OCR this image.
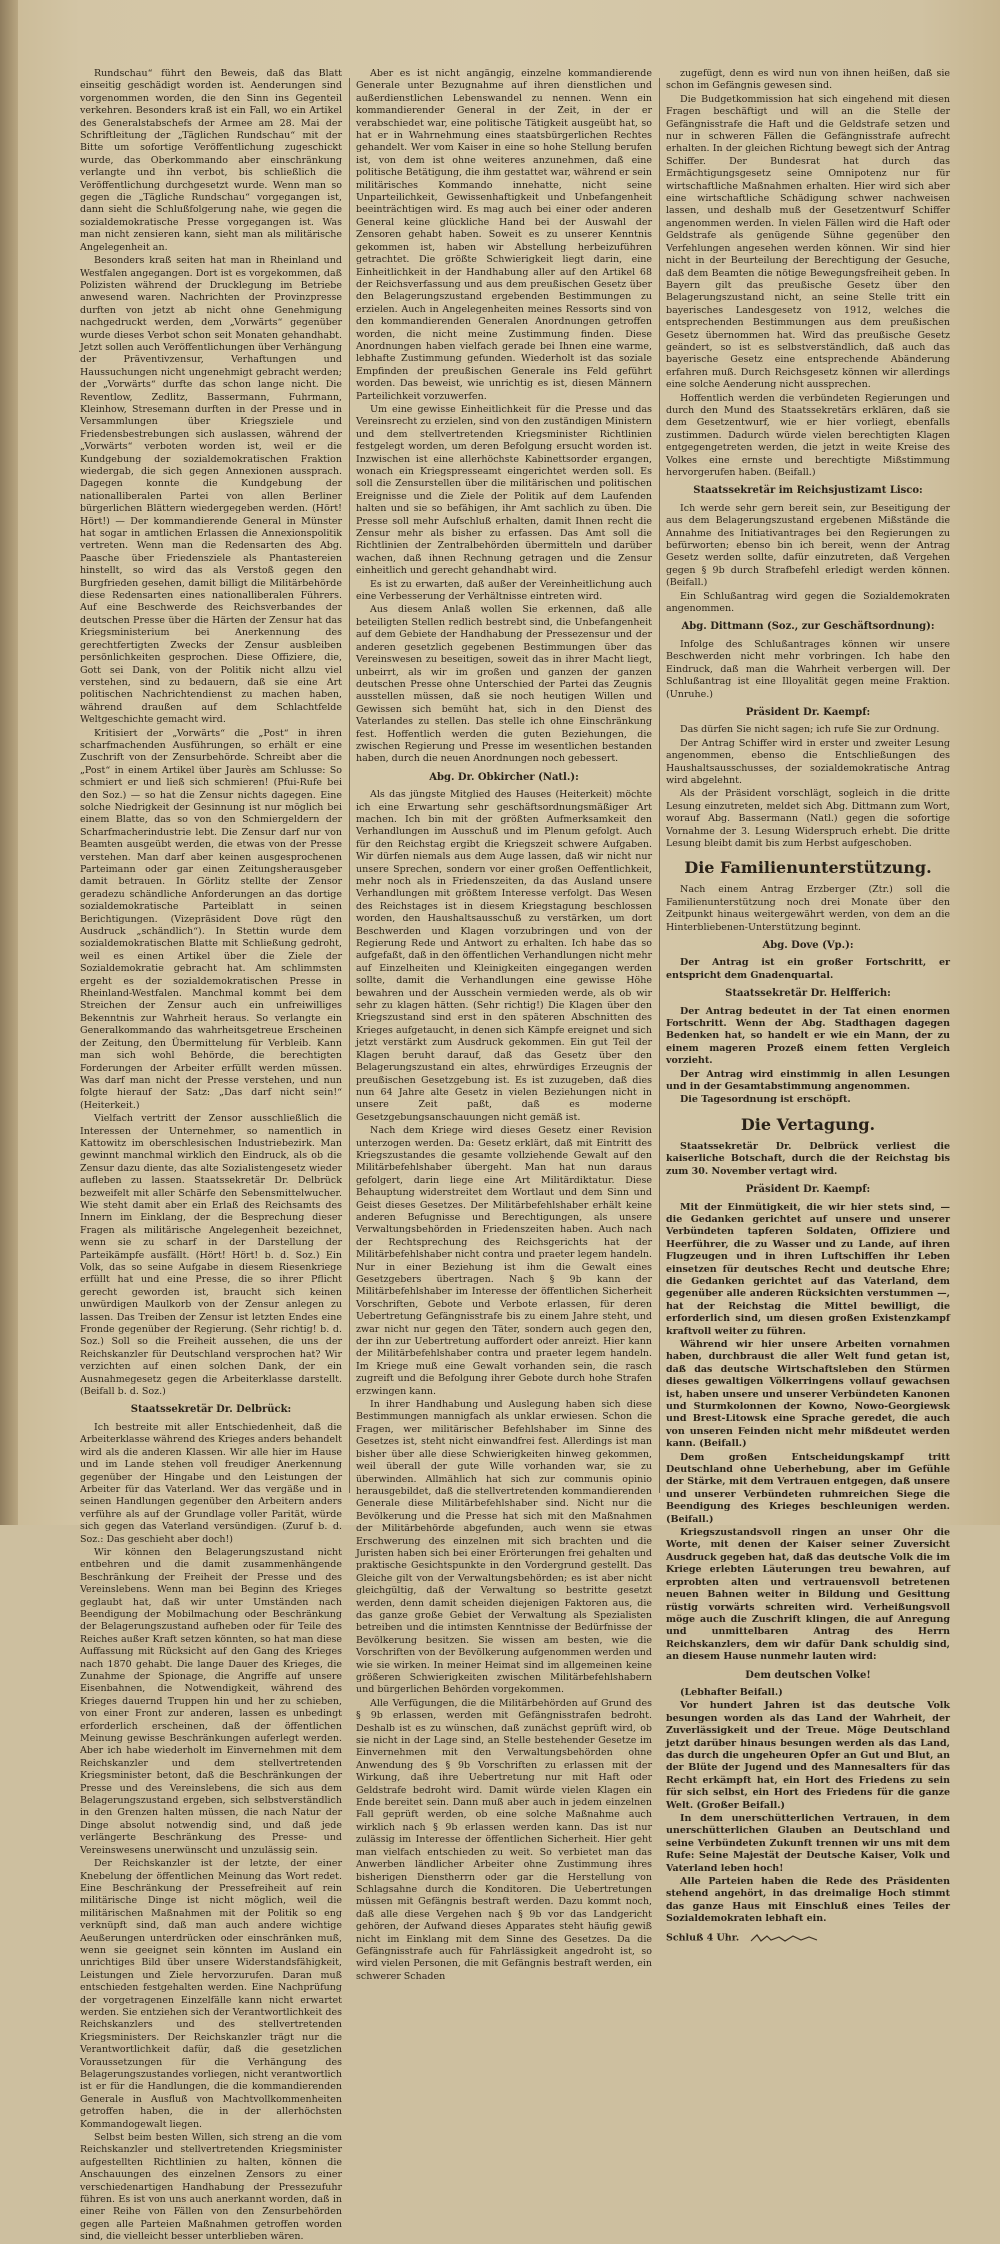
Rundschau“ führt den Beweis, daß das Blatt einseitig geschädigt worden ist. Aenderungen sind vorgenommen worden, die den Sinn ins Gegenteil verkehren. Besonders kraß ist ein Fall, wo ein Artikel des Generalstabschefs der Armee am 28. Mai der Schriftleitung der „Täglichen Rundschau“ mit der Bitte um sofortige Veröffentlichung zugeschickt wurde, das Oberkommando aber einschränkung verlangte und ihn verbot, bis schließlich die Veröffentlichung durchgesetzt wurde. Wenn man so gegen die „Tägliche Rundschau“ vorgegangen ist, dann sieht die Schlußfolgerung nahe, wie gegen die sozialdemokratische Presse vorgegangen ist. Was man nicht zensieren kann, sieht man als militärische Angelegenheit an.

Besonders kraß seiten hat man in Rheinland und Westfalen angegangen. Dort ist es vorgekommen, daß Polizisten während der Drucklegung im Betriebe anwesend waren. Nachrichten der Provinzpresse durften von jetzt ab nicht ohne Genehmigung nachgedruckt werden, dem „Vorwärts“ gegenüber wurde dieses Verbot schon seit Monaten gehandhabt. Jetzt sollen auch Veröffentlichungen über Verhängung der Präventivzensur, Verhaftungen und Haussuchungen nicht ungenehmigt gebracht werden; der „Vorwärts“ durfte das schon lange nicht. Die Reventlow, Zedlitz, Bassermann, Fuhrmann, Kleinhow, Stresemann durften in der Presse und in Versammlungen über Kriegsziele und Friedensbestrebungen sich auslassen, während der „Vorwärts“ verboten worden ist, weil er die Kundgebung der sozialdemokratischen Fraktion wiedergab, die sich gegen Annexionen aussprach. Dagegen konnte die Kundgebung der nationalliberalen Partei von allen Berliner bürgerlichen Blättern wiedergegeben werden. (Hört! Hört!) — Der kommandierende General in Münster hat sogar in amtlichen Erlassen die Annexionspolitik vertreten. Wenn man die Redensarten des Abg. Paasche über Friedensziele als Phantastereien hinstellt, so wird das als Verstoß gegen den Burgfrieden gesehen, damit billigt die Militärbehörde diese Redensarten eines nationalliberalen Führers. Auf eine Beschwerde des Reichsverbandes der deutschen Presse über die Härten der Zensur hat das Kriegsministerium bei Anerkennung des gerechtfertigten Zwecks der Zensur ausbleiben persönlichkeiten gesprochen. Diese Offiziere, die, Gott sei Dank, von der Politik nicht allzu viel verstehen, sind zu bedauern, daß sie eine Art politischen Nachrichtendienst zu machen haben, während draußen auf dem Schlachtfelde Weltgeschichte gemacht wird.

Kritisiert der „Vorwärts“ die „Post“ in ihren scharfmachenden Ausführungen, so erhält er eine Zuschrift von der Zensurbehörde. Schreibt aber die „Post“ in einem Artikel über Jaurès am Schlusse: So schmiert er und ließ sich schmieren! (Pfui-Rufe bei den Soz.) — so hat die Zensur nichts dagegen. Eine solche Niedrigkeit der Gesinnung ist nur möglich bei einem Blatte, das so von den Schmiergeldern der Scharfmacherindustrie lebt. Die Zensur darf nur von Beamten ausgeübt werden, die etwas von der Presse verstehen. Man darf aber keinen ausgesprochenen Parteimann oder gar einen Zeitungsherausgeber damit betrauen. In Görlitz stellte der Zensor geradezu schändliche Anforderungen an das dortige sozialdemokratische Parteiblatt in seinen Berichtigungen. (Vizepräsident Dove rügt den Ausdruck „schändlich“). In Stettin wurde dem sozialdemokratischen Blatte mit Schließung gedroht, weil es einen Artikel über die Ziele der Sozialdemokratie gebracht hat. Am schlimmsten ergeht es der sozialdemokratischen Presse in Rheinland-Westfalen. Manchmal kommt bei dem Streichen der Zensur auch ein unfreiwilliges Bekenntnis zur Wahrheit heraus. So verlangte ein Generalkommando das wahrheitsgetreue Erscheinen der Zeitung, den Übermittelung für Verbleib. Kann man sich wohl Behörde, die berechtigten Forderungen der Arbeiter erfüllt werden müssen. Was darf man nicht der Presse verstehen, und nun folgte hierauf der Satz: „Das darf nicht sein!“ (Heiterkeit.)

Vielfach vertritt der Zensor ausschließlich die Interessen der Unternehmer, so namentlich in Kattowitz im oberschlesischen Industriebezirk. Man gewinnt manchmal wirklich den Eindruck, als ob die Zensur dazu diente, das alte Sozialistengesetz wieder aufleben zu lassen. Staatssekretär Dr. Delbrück bezweifelt mit aller Schärfe den Sebensmittelwucher. Wie steht damit aber ein Erlaß des Reichsamts des Innern im Einklang, der die Besprechung dieser Fragen als militärische Angelegenheit bezeichnet, wenn sie zu scharf in der Darstellung der Parteikämpfe ausfällt. (Hört! Hört! b. d. Soz.) Ein Volk, das so seine Aufgabe in diesem Riesenkriege erfüllt hat und eine Presse, die so ihrer Pflicht gerecht geworden ist, braucht sich keinen unwürdigen Maulkorb von der Zensur anlegen zu lassen. Das Treiben der Zensur ist letzten Endes eine Fronde gegenüber der Regierung. (Sehr richtig! b. d. Soz.) Soll so die Freiheit aussehen, die uns der Reichskanzler für Deutschland versprochen hat? Wir verzichten auf einen solchen Dank, der ein Ausnahmegesetz gegen die Arbeiterklasse darstellt. (Beifall b. d. Soz.)

Staatssekretär Dr. Delbrück:

Ich bestreite mit aller Entschiedenheit, daß die Arbeiterklasse während des Krieges anders behandelt wird als die anderen Klassen. Wir alle hier im Hause und im Lande stehen voll freudiger Anerkennung gegenüber der Hingabe und den Leistungen der Arbeiter für das Vaterland. Wer das vergäße und in seinen Handlungen gegenüber den Arbeitern anders verführe als auf der Grundlage voller Parität, würde sich gegen das Vaterland versündigen. (Zuruf b. d. Soz.: Das geschieht aber doch!)

Wir können den Belagerungszustand nicht entbehren und die damit zusammenhängende Beschränkung der Freiheit der Presse und des Vereinslebens. Wenn man bei Beginn des Krieges geglaubt hat, daß wir unter Umständen nach Beendigung der Mobilmachung oder Beschränkung der Belagerungszustand aufheben oder für Teile des Reiches außer Kraft setzen könnten, so hat man diese Auffassung mit Rücksicht auf den Gang des Krieges nach 1870 gehabt. Die lange Dauer des Krieges, die Zunahme der Spionage, die Angriffe auf unsere Eisenbahnen, die Notwendigkeit, während des Krieges dauernd Truppen hin und her zu schieben, von einer Front zur anderen, lassen es unbedingt erforderlich erscheinen, daß der öffentlichen Meinung gewisse Beschränkungen auferlegt werden. Aber ich habe wiederholt im Einvernehmen mit dem Reichskanzler und dem stellvertretenden Kriegsminister betont, daß die Beschränkungen der Presse und des Vereinslebens, die sich aus dem Belagerungszustand ergeben, sich selbstverständlich in den Grenzen halten müssen, die nach Natur der Dinge absolut notwendig sind, und daß jede verlängerte Beschränkung des Presse- und Vereinswesens unerwünscht und unzulässig sein.

Der Reichskanzler ist der letzte, der einer Knebelung der öffentlichen Meinung das Wort redet. Eine Beschränkung der Pressefreiheit auf rein militärische Dinge ist nicht möglich, weil die militärischen Maßnahmen mit der Politik so eng verknüpft sind, daß man auch andere wichtige Aeußerungen unterdrücken oder einschränken muß, wenn sie geeignet sein könnten im Ausland ein unrichtiges Bild über unsere Widerstandsfähigkeit, Leistungen und Ziele hervorzurufen. Daran muß entschieden festgehalten werden. Eine Nachprüfung der vorgetragenen Einzelfälle kann nicht erwartet werden. Sie entziehen sich der Verantwortlichkeit des Reichskanzlers und des stellvertretenden Kriegsministers. Der Reichskanzler trägt nur die Verantwortlichkeit dafür, daß die gesetzlichen Voraussetzungen für die Verhängung des Belagerungszustandes vorliegen, nicht verantwortlich ist er für die Handlungen, die die kommandierenden Generale in Ausfluß von Machtvollkommenheiten getroffen haben, die in der allerhöchsten Kommandogewalt liegen.

Selbst beim besten Willen, sich streng an die vom Reichskanzler und stellvertretenden Kriegsminister aufgestellten Richtlinien zu halten, können die Anschauungen des einzelnen Zensors zu einer verschiedenartigen Handhabung der Pressezufuhr führen. Es ist von uns auch anerkannt worden, daß in einer Reihe von Fällen von den Zensurbehörden gegen alle Parteien Maßnahmen getroffen worden sind, die vielleicht besser unterblieben wären.

Aber es ist nicht angängig, einzelne kommandierende Generale unter Bezugnahme auf ihren dienstlichen und außerdienstlichen Lebenswandel zu nennen. Wenn ein kommandierender General in der Zeit, in der er verabschiedet war, eine politische Tätigkeit ausgeübt hat, so hat er in Wahrnehmung eines staatsbürgerlichen Rechtes gehandelt. Wer vom Kaiser in eine so hohe Stellung berufen ist, von dem ist ohne weiteres anzunehmen, daß eine politische Betätigung, die ihm gestattet war, während er sein militärisches Kommando innehatte, nicht seine Unparteilichkeit, Gewissenhaftigkeit und Unbefangenheit beeinträchtigen wird. Es mag auch bei einer oder anderen General keine glückliche Hand bei der Auswahl der Zensoren gehabt haben. Soweit es zu unserer Kenntnis gekommen ist, haben wir Abstellung herbeizuführen getrachtet. Die größte Schwierigkeit liegt darin, eine Einheitlichkeit in der Handhabung aller auf den Artikel 68 der Reichsverfassung und aus dem preußischen Gesetz über den Belagerungszustand ergebenden Bestimmungen zu erzielen. Auch in Angelegenheiten meines Ressorts sind von den kommandierenden Generalen Anordnungen getroffen worden, die nicht meine Zustimmung finden. Diese Anordnungen haben vielfach gerade bei Ihnen eine warme, lebhafte Zustimmung gefunden. Wiederholt ist das soziale Empfinden der preußischen Generale ins Feld geführt worden. Das beweist, wie unrichtig es ist, diesen Männern Parteilichkeit vorzuwerfen.

Um eine gewisse Einheitlichkeit für die Presse und das Vereinsrecht zu erzielen, sind von den zuständigen Ministern und dem stellvertretenden Kriegsminister Richtlinien festgelegt worden, um deren Befolgung ersucht worden ist. Inzwischen ist eine allerhöchste Kabinettsorder ergangen, wonach ein Kriegspresseamt eingerichtet werden soll. Es soll die Zensurstellen über die militärischen und politischen Ereignisse und die Ziele der Politik auf dem Laufenden halten und sie so befähigen, ihr Amt sachlich zu üben. Die Presse soll mehr Aufschluß erhalten, damit Ihnen recht die Zensur mehr als bisher zu erfassen. Das Amt soll die Richtlinien der Zentralbehörden übermitteln und darüber wachen, daß ihnen Rechnung getragen und die Zensur einheitlich und gerecht gehandhabt wird.

Es ist zu erwarten, daß außer der Vereinheitlichung auch eine Verbesserung der Verhältnisse eintreten wird.

Aus diesem Anlaß wollen Sie erkennen, daß alle beteiligten Stellen redlich bestrebt sind, die Unbefangenheit auf dem Gebiete der Handhabung der Pressezensur und der anderen gesetzlich gegebenen Bestimmungen über das Vereinswesen zu beseitigen, soweit das in ihrer Macht liegt, unbeirrt, als wir im großen und ganzen der ganzen deutschen Presse ohne Unterschied der Partei das Zeugnis ausstellen müssen, daß sie noch heutigen Willen und Gewissen sich bemüht hat, sich in den Dienst des Vaterlandes zu stellen. Das stelle ich ohne Einschränkung fest. Hoffentlich werden die guten Beziehungen, die zwischen Regierung und Presse im wesentlichen bestanden haben, durch die neuen Anordnungen noch gebessert.

Abg. Dr. Obkircher (Natl.):

Als das jüngste Mitglied des Hauses (Heiterkeit) möchte ich eine Erwartung sehr geschäftsordnungsmäßiger Art machen. Ich bin mit der größten Aufmerksamkeit den Verhandlungen im Ausschuß und im Plenum gefolgt. Auch für den Reichstag ergibt die Kriegszeit schwere Aufgaben. Wir dürfen niemals aus dem Auge lassen, daß wir nicht nur unsere Sprechen, sondern vor einer großen Oeffentlichkeit, mehr noch als in Friedenszeiten, da das Ausland unsere Verhandlungen mit größtem Interesse verfolgt. Das Wesen des Reichstages ist in diesem Kriegstagung beschlossen worden, den Haushaltsausschuß zu verstärken, um dort Beschwerden und Klagen vorzubringen und von der Regierung Rede und Antwort zu erhalten. Ich habe das so aufgefaßt, daß in den öffentlichen Verhandlungen nicht mehr auf Einzelheiten und Kleinigkeiten eingegangen werden sollte, damit die Verhandlungen eine gewisse Höhe bewahren und der Ausschein vermieden werde, als ob wir sehr zu klagen hätten. (Sehr richtig!) Die Klagen über den Kriegszustand sind erst in den späteren Abschnitten des Krieges aufgetaucht, in denen sich Kämpfe ereignet und sich jetzt verstärkt zum Ausdruck gekommen. Ein gut Teil der Klagen beruht darauf, daß das Gesetz über den Belagerungszustand ein altes, ehrwürdiges Erzeugnis der preußischen Gesetzgebung ist. Es ist zuzugeben, daß dies nun 64 Jahre alte Gesetz in vielen Beziehungen nicht in unsere Zeit paßt, daß es moderne Gesetzgebungsanschauungen nicht gemäß ist.

Nach dem Kriege wird dieses Gesetz einer Revision unterzogen werden. Da: Gesetz erklärt, daß mit Eintritt des Kriegszustandes die gesamte vollziehende Gewalt auf den Militärbefehlshaber übergeht. Man hat nun daraus gefolgert, darin liege eine Art Militärdiktatur. Diese Behauptung widerstreitet dem Wortlaut und dem Sinn und Geist dieses Gesetzes. Der Militärbefehlshaber erhält keine anderen Befugnisse und Berechtigungen, als unsere Verwaltungsbehörden in Friedenszeiten haben. Auch nach der Rechtsprechung des Reichsgerichts hat der Militärbefehlshaber nicht contra und praeter legem handeln. Nur in einer Beziehung ist ihm die Gewalt eines Gesetzgebers übertragen. Nach § 9b kann der Militärbefehlshaber im Interesse der öffentlichen Sicherheit Vorschriften, Gebote und Verbote erlassen, für deren Uebertretung Gefängnisstrafe bis zu einem Jahre steht, und zwar nicht nur gegen den Täter, sondern auch gegen den, der ihn zur Uebertretung auffordert oder anreizt. Hier kann der Militärbefehlshaber contra und praeter legem handeln. Im Kriege muß eine Gewalt vorhanden sein, die rasch zugreift und die Befolgung ihrer Gebote durch hohe Strafen erzwingen kann.

In ihrer Handhabung und Auslegung haben sich diese Bestimmungen mannigfach als unklar erwiesen. Schon die Fragen, wer militärischer Befehlshaber im Sinne des Gesetzes ist, steht nicht einwandfrei fest. Allerdings ist man bisher über alle diese Schwierigkeiten hinweg gekommen, weil überall der gute Wille vorhanden war, sie zu überwinden. Allmählich hat sich zur communis opinio herausgebildet, daß die stellvertretenden kommandierenden Generale diese Militärbefehlshaber sind. Nicht nur die Bevölkerung und die Presse hat sich mit den Maßnahmen der Militärbehörde abgefunden, auch wenn sie etwas Erschwerung des einzelnen mit sich brachten und die Juristen haben sich bei einer Erörterungen frei gehalten und praktische Gesichtspunkte in den Vordergrund gestellt. Das Gleiche gilt von der Verwaltungsbehörden; es ist aber nicht gleichgültig, daß der Verwaltung so bestritte gesetzt werden, denn damit scheiden diejenigen Faktoren aus, die das ganze große Gebiet der Verwaltung als Spezialisten betreiben und die intimsten Kenntnisse der Bedürfnisse der Bevölkerung besitzen. Sie wissen am besten, wie die Vorschriften von der Bevölkerung aufgenommen werden und wie sie wirken. In meiner Heimat sind im allgemeinen keine größeren Schwierigkeiten zwischen Militärbefehlshabern und bürgerlichen Behörden vorgekommen.

Alle Verfügungen, die die Militärbehörden auf Grund des § 9b erlassen, werden mit Gefängnisstrafen bedroht. Deshalb ist es zu wünschen, daß zunächst geprüft wird, ob sie nicht in der Lage sind, an Stelle bestehender Gesetze im Einvernehmen mit den Verwaltungsbehörden ohne Anwendung des § 9b Vorschriften zu erlassen mit der Wirkung, daß ihre Uebertretung nur mit Haft oder Geldstrafe bedroht wird. Damit würde vielen Klagen ein Ende bereitet sein. Dann muß aber auch in jedem einzelnen Fall geprüft werden, ob eine solche Maßnahme auch wirklich nach § 9b erlassen werden kann. Das ist nur zulässig im Interesse der öffentlichen Sicherheit. Hier geht man vielfach entschieden zu weit. So verbietet man das Anwerben ländlicher Arbeiter ohne Zustimmung ihres bisherigen Dienstherrn oder gar die Herstellung von Schlagsahne durch die Konditoren. Die Uebertretungen müssen mit Gefängnis bestraft werden. Dazu kommt noch, daß alle diese Vergehen nach § 9b vor das Landgericht gehören, der Aufwand dieses Apparates steht häufig gewiß nicht im Einklang mit dem Sinne des Gesetzes. Da die Gefängnisstrafe auch für Fahrlässigkeit angedroht ist, so wird vielen Personen, die mit Gefängnis bestraft werden, ein schwerer Schaden

zugefügt, denn es wird nun von ihnen heißen, daß sie schon im Gefängnis gewesen sind.

Die Budgetkommission hat sich eingehend mit diesen Fragen beschäftigt und will an die Stelle der Gefängnisstrafe die Haft und die Geldstrafe setzen und nur in schweren Fällen die Gefängnisstrafe aufrecht erhalten. In der gleichen Richtung bewegt sich der Antrag Schiffer. Der Bundesrat hat durch das Ermächtigungsgesetz seine Omnipotenz nur für wirtschaftliche Maßnahmen erhalten. Hier wird sich aber eine wirtschaftliche Schädigung schwer nachweisen lassen, und deshalb muß der Gesetzentwurf Schiffer angenommen werden. In vielen Fällen wird die Haft oder Geldstrafe als genügende Sühne gegenüber den Verfehlungen angesehen werden können. Wir sind hier nicht in der Beurteilung der Berechtigung der Gesuche, daß dem Beamten die nötige Bewegungsfreiheit geben. In Bayern gilt das preußische Gesetz über den Belagerungszustand nicht, an seine Stelle tritt ein bayerisches Landesgesetz von 1912, welches die entsprechenden Bestimmungen aus dem preußischen Gesetz übernommen hat. Wird das preußische Gesetz geändert, so ist es selbstverständlich, daß auch das bayerische Gesetz eine entsprechende Abänderung erfahren muß. Durch Reichsgesetz können wir allerdings eine solche Aenderung nicht aussprechen.

Hoffentlich werden die verbündeten Regierungen und durch den Mund des Staatssekretärs erklären, daß sie dem Gesetzentwurf, wie er hier vorliegt, ebenfalls zustimmen. Dadurch würde vielen berechtigten Klagen entgegengetreten werden, die jetzt in weite Kreise des Volkes eine ernste und berechtigte Mißstimmung hervorgerufen haben. (Beifall.)

Staatssekretär im Reichsjustizamt Lisco:

Ich werde sehr gern bereit sein, zur Beseitigung der aus dem Belagerungszustand ergebenen Mißstände die Annahme des Initiativantrages bei den Regierungen zu befürworten; ebenso bin ich bereit, wenn der Antrag Gesetz werden sollte, dafür einzutreten, daß Vergehen gegen § 9b durch Strafbefehl erledigt werden können. (Beifall.)

Ein Schlußantrag wird gegen die Sozialdemokraten angenommen.

Abg. Dittmann (Soz., zur Geschäftsordnung):

Infolge des Schlußantrages können wir unsere Beschwerden nicht mehr vorbringen. Ich habe den Eindruck, daß man die Wahrheit verbergen will. Der Schlußantrag ist eine Illoyalität gegen meine Fraktion. (Unruhe.)

Präsident Dr. Kaempf:

Das dürfen Sie nicht sagen; ich rufe Sie zur Ordnung.

Der Antrag Schiffer wird in erster und zweiter Lesung angenommen, ebenso die Entschließungen des Haushaltsausschusses, der sozialdemokratische Antrag wird abgelehnt.

Als der Präsident vorschlägt, sogleich in die dritte Lesung einzutreten, meldet sich Abg. Dittmann zum Wort, worauf Abg. Bassermann (Natl.) gegen die sofortige Vornahme der 3. Lesung Widerspruch erhebt. Die dritte Lesung bleibt damit bis zum Herbst aufgeschoben.

Die Familienunterstützung.

Nach einem Antrag Erzberger (Ztr.) soll die Familienunterstützung noch drei Monate über den Zeitpunkt hinaus weitergewährt werden, von dem an die Hinterbliebenen-Unterstützung beginnt.

Abg. Dove (Vp.):

Der Antrag ist ein großer Fortschritt, er entspricht dem Gnadenquartal.

Staatssekretär Dr. Helfferich:

Der Antrag bedeutet in der Tat einen enormen Fortschritt. Wenn der Abg. Stadthagen dagegen Bedenken hat, so handelt er wie ein Mann, der zu einem mageren Prozeß einem fetten Vergleich vorzieht.

Der Antrag wird einstimmig in allen Lesungen und in der Gesamtabstimmung angenommen.

Die Tagesordnung ist erschöpft.

Die Vertagung.

Staatssekretär Dr. Delbrück verliest die kaiserliche Botschaft, durch die der Reichstag bis zum 30. November vertagt wird.

Präsident Dr. Kaempf:

Mit der Einmütigkeit, die wir hier stets sind, — die Gedanken gerichtet auf unsere und unserer Verbündeten tapferen Soldaten, Offiziere und Heerführer, die zu Wasser und zu Lande, auf ihren Flugzeugen und in ihren Luftschiffen ihr Leben einsetzen für deutsches Recht und deutsche Ehre; die Gedanken gerichtet auf das Vaterland, dem gegenüber alle anderen Rücksichten verstummen —, hat der Reichstag die Mittel bewilligt, die erforderlich sind, um diesen großen Existenzkampf kraftvoll weiter zu führen.

Während wir hier unsere Arbeiten vornahmen haben, durchbraust die aller Welt fund getan ist, daß das deutsche Wirtschaftsleben den Stürmen dieses gewaltigen Völkerringens vollauf gewachsen ist, haben unsere und unserer Verbündeten Kanonen und Sturmkolonnen der Kowno, Nowo-Georgiewsk und Brest-Litowsk eine Sprache geredet, die auch von unseren Feinden nicht mehr mißdeutet werden kann. (Beifall.)

Dem großen Entscheidungskampf tritt Deutschland ohne Ueberhebung, aber im Gefühle der Stärke, mit dem Vertrauen entgegen, daß unsere und unserer Verbündeten ruhmreichen Siege die Beendigung des Krieges beschleunigen werden. (Beifall.)

Kriegszustandsvoll ringen an unser Ohr die Worte, mit denen der Kaiser seiner Zuversicht Ausdruck gegeben hat, daß das deutsche Volk die im Kriege erlebten Läuterungen treu bewahren, auf erprobten alten und vertrauensvoll betretenen neuen Bahnen weiter in Bildung und Gesittung rüstig vorwärts schreiten wird. Verheißungsvoll möge auch die Zuschrift klingen, die auf Anregung und unmittelbaren Antrag des Herrn Reichskanzlers, dem wir dafür Dank schuldig sind, an diesem Hause nunmehr lauten wird:

Dem deutschen Volke!

(Lebhafter Beifall.)

Vor hundert Jahren ist das deutsche Volk besungen worden als das Land der Wahrheit, der Zuverlässigkeit und der Treue. Möge Deutschland jetzt darüber hinaus besungen werden als das Land, das durch die ungeheuren Opfer an Gut und Blut, an der Blüte der Jugend und des Mannesalters für das Recht erkämpft hat, ein Hort des Friedens zu sein für sich selbst, ein Hort des Friedens für die ganze Welt. (Großer Beifall.)

In dem unerschütterlichen Vertrauen, in dem unerschütterlichen Glauben an Deutschland und seine Verbündeten Zukunft trennen wir uns mit dem Rufe: Seine Majestät der Deutsche Kaiser, Volk und Vaterland leben hoch!

Alle Parteien haben die Rede des Präsidenten stehend angehört, in das dreimalige Hoch stimmt das ganze Haus mit Einschluß eines Teiles der Sozialdemokraten lebhaft ein.

Schluß 4 Uhr.
